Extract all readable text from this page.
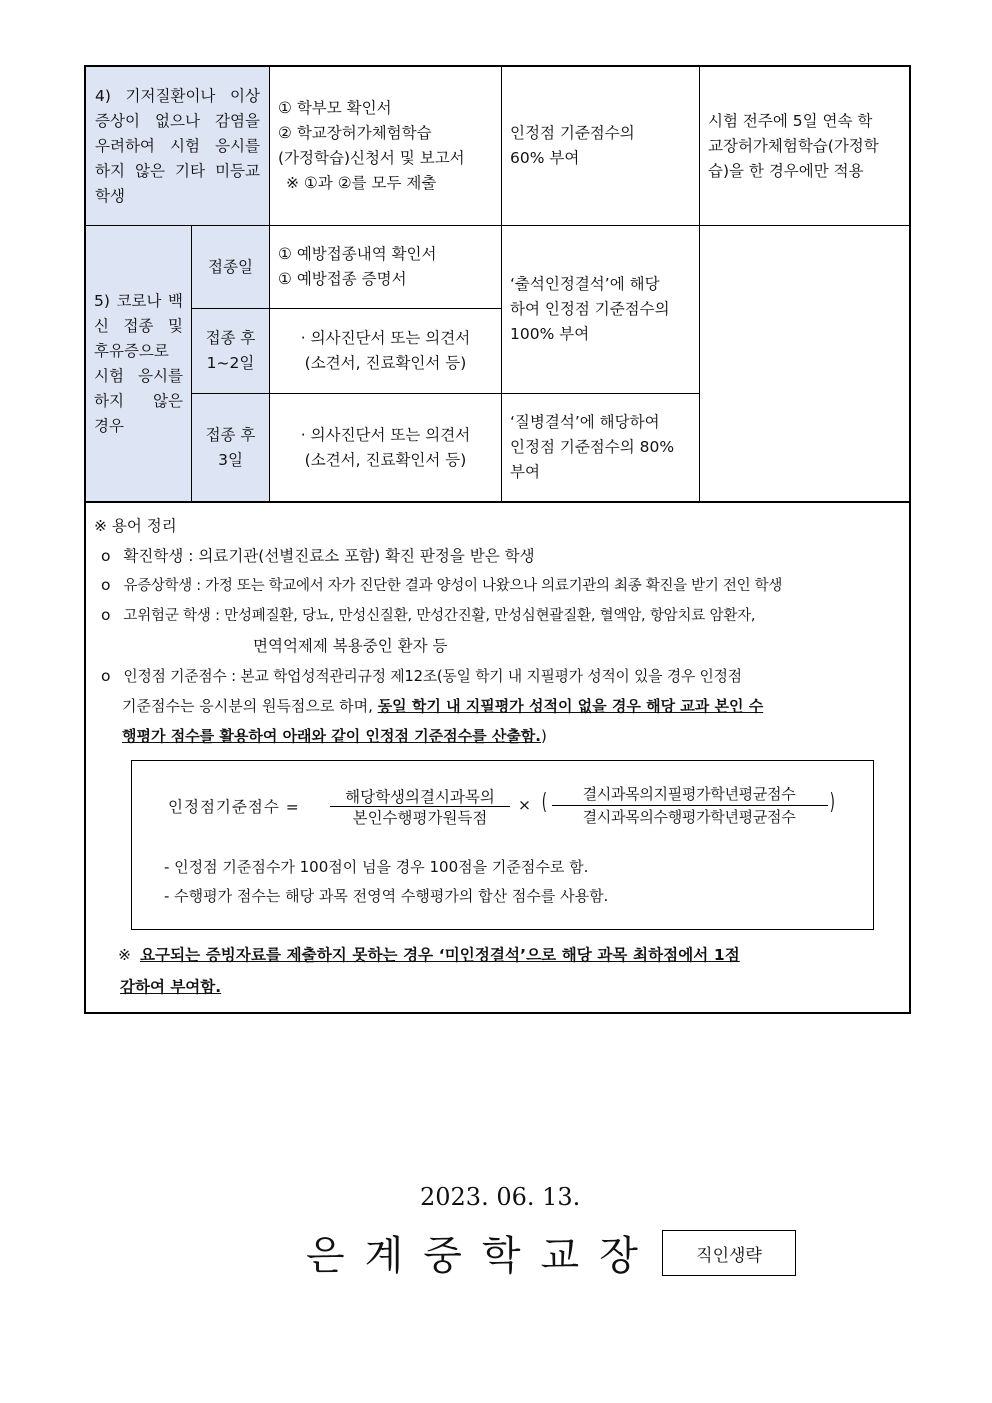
4) 기저질환이나 이상
증상이 없으나 감염을
우려하여 시험 응시를
하지 않은 기타 미등교
학생
① 학부모 확인서
② 학교장허가체험학습
(가정학습)신청서 및 보고서
※ ①과 ②를 모두 제출
인정점 기준점수의
60% 부여
시험 전주에 5일 연속 학
교장허가체험학습(가정학
습)을 한 경우에만 적용
5) 코로나 백
신 접종 및
후유증으로
시험 응시를
하지 않은
경우
접종일
① 예방접종내역 확인서
① 예방접종 증명서
접종 후
1~2일
· 의사진단서 또는 의견서
(소견서, 진료확인서 등)
접종 후
3일
· 의사진단서 또는 의견서
(소견서, 진료확인서 등)
‘출석인정결석’에 해당
하여 인정점 기준점수의
100% 부여
‘질병결석’에 해당하여
인정점 기준점수의 80%
부여
※ 용어 정리
o 확진학생 : 의료기관(선별진료소 포함) 확진 판정을 받은 학생
o 유증상학생 : 가정 또는 학교에서 자가 진단한 결과 양성이 나왔으나 의료기관의 최종 확진을 받기 전인 학생
o 고위험군 학생 : 만성폐질환, 당뇨, 만성신질환, 만성간진활, 만성심현괄질환, 혈액암, 항암치료 암환자,
면역억제제 복용중인 환자 등
o 인정점 기준점수 : 본교 학업성적관리규정 제12조(동일 학기 내 지필평가 성적이 있을 경우 인정점
기준점수는 응시분의 원득점으로 하며, 동일 학기 내 지필평가 성적이 없을 경우 해당 교과 본인 수
행평가 점수를 활용하여 아래와 같이 인정점 기준점수를 산출함.)
인정점기준점수 =
해당학생의결시과목의
본인수행평가원득점
× (	결시과목의지필평가학년평균점수
결시과목의수행평가학년평균점수
)
- 인정점 기준점수가 100점이 넘을 경우 100점을 기준점수로 함.
- 수행평가 점수는 해당 과목 전영역 수행평가의 합산 점수를 사용함.
※ 요구되는 증빙자료를 제출하지 못하는 경우 ‘미인정결석’으로 해당 과목 최하점에서 1점
감하여 부여함.
2023. 06. 13.
은계중학교장 직인생략
